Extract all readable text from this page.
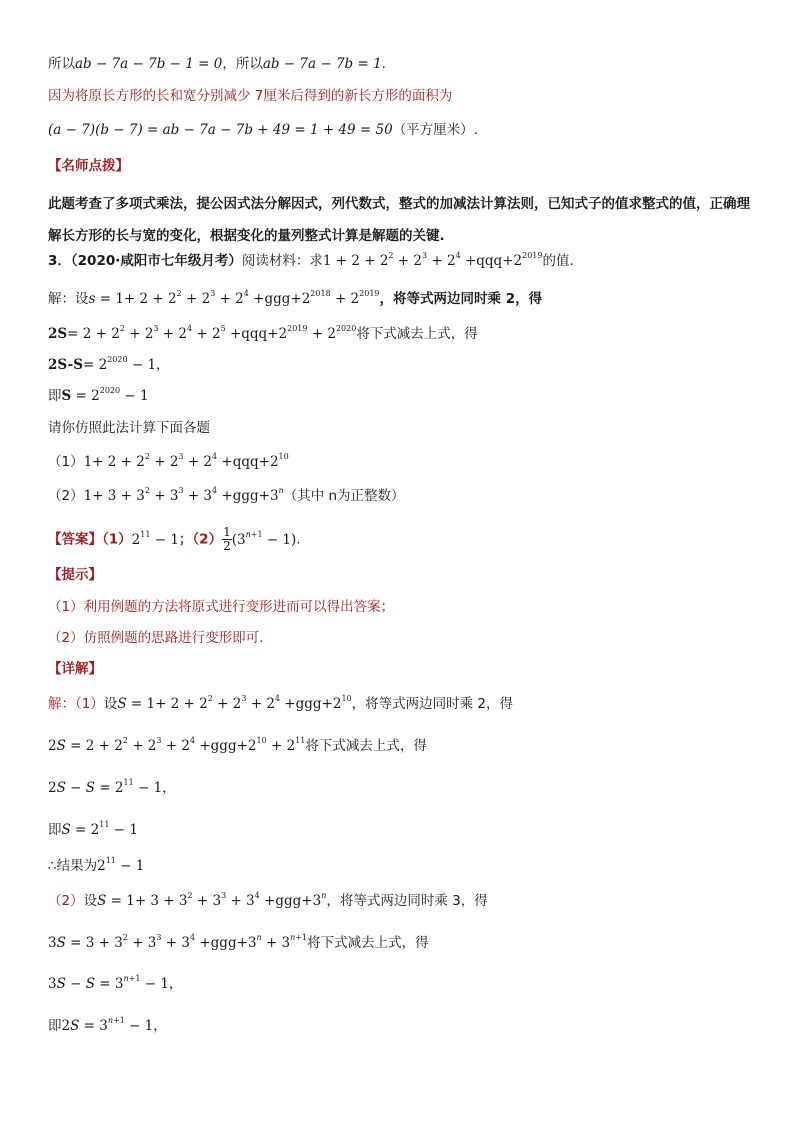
所以ab − 7a − 7b − 1 = 0，所以ab − 7a − 7b = 1.
因为将原长方形的长和宽分别减少 7厘米后得到的新长方形的面积为
(a − 7)(b − 7) = ab − 7a − 7b + 49 = 1 + 49 = 50（平方厘米）.
【名师点拨】
此题考查了多项式乘法，提公因式法分解因式，列代数式，整式的加减法计算法则，已知式子的值求整式的值，正确理解长方形的长与宽的变化，根据变化的量列整式计算是解题的关键.
3．（2020·咸阳市七年级月考）阅读材料：求$1 + 2 + 2^2 + 2^3 + 2^4 +qqq+2^{2019}$的值.
解：设$s = 1+ 2 + 2^2 + 2^3 + 2^4 +ggg+2^{2018} + 2^{2019}$，将等式两边同时乘 2，得
$2S= 2 + 2^2 + 2^3 + 2^4 + 2^5 +qqq+2^{2019} + 2^{2020}$将下式减去上式，得
$2S-S= 2^{2020} - 1$，
即$S = 2^{2020} - 1$
请你仿照此法计算下面各题
$(1)1+ 2 + 2^2 + 2^3 + 2^4 +qqq+2^{10}$
$(2)1+ 3 + 3^2 + 3^3 + 3^4 +ggg+3^n$（其中 n为正整数）
【答案】$(1)2^{11} - 1$；$(2) \frac{1}{2} (3^{n+1} - 1)$.
【提示】
（1）利用例题的方法将原式进行变形进而可以得出答案；
（2）仿照例题的思路进行变形即可．
【详解】
解：（1）设$S = 1+ 2 + 2^2 + 2^3 + 2^4 +ggg+2^{10}$，将等式两边同时乘 2，得
$2S = 2 + 2^2 + 2^3 + 2^4 +ggg+2^{10} + 2^{11}$将下式减去上式，得
$2S - S = 2^{11} - 1$，
即$S = 2^{11} - 1$
∴结果为$2^{11} - 1$
（2）设$S = 1+ 3 + 3^2 + 3^3 + 3^4 +ggg+3^n$，将等式两边同时乘 3，得
$3S = 3 + 3^2 + 3^3 + 3^4 +ggg+3^n + 3^{n+1}$将下式减去上式，得
$3S - S = 3^{n+1} - 1$，
即$2S = 3^{n+1} - 1$，
